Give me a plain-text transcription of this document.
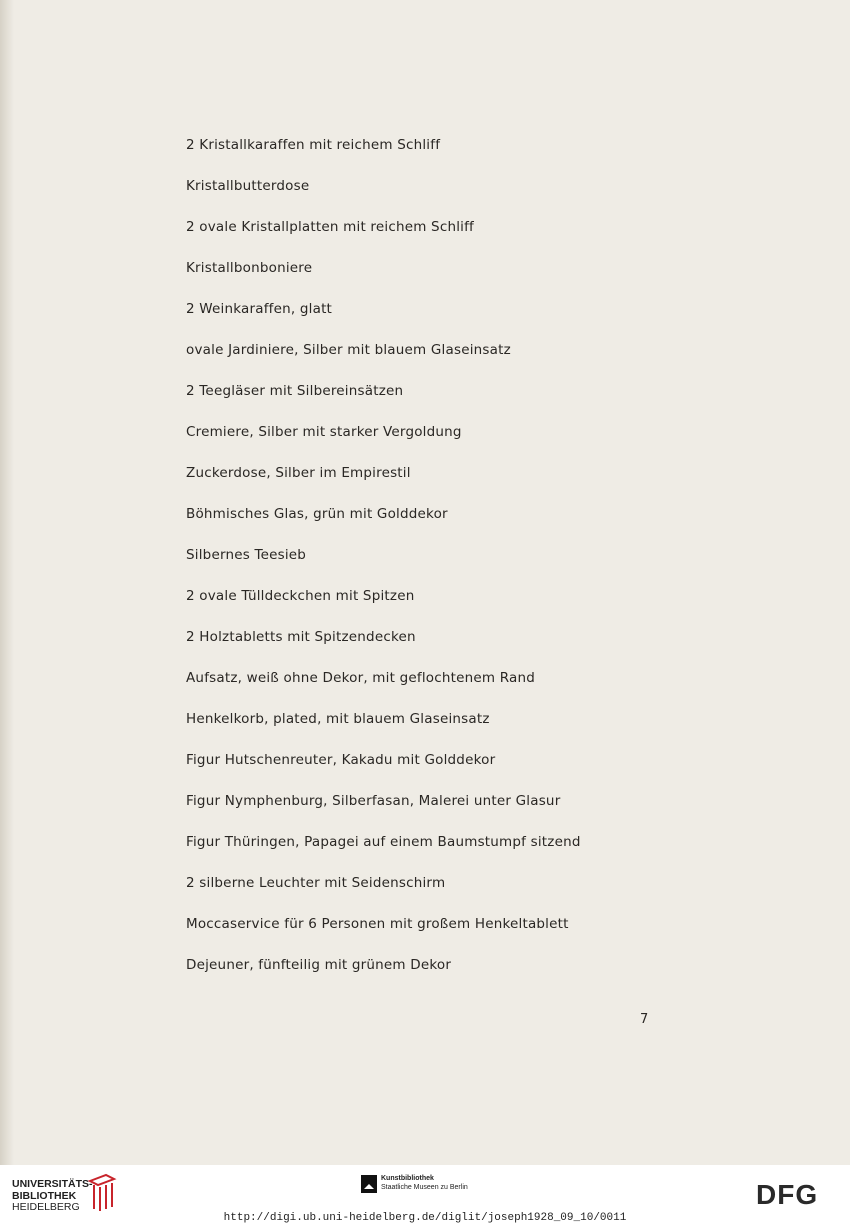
2 Kristallkaraffen mit reichem Schliff
Kristallbutterdose
2 ovale Kristallplatten mit reichem Schliff
Kristallbonboniere
2 Weinkaraffen, glatt
ovale Jardiniere, Silber mit blauem Glaseinsatz
2 Teegläser mit Silbereinsätzen
Cremiere, Silber mit starker Vergoldung
Zuckerdose, Silber im Empirestil
Böhmisches Glas, grün mit Golddekor
Silbernes Teesieb
2 ovale Tülldeckchen mit Spitzen
2 Holztabletts mit Spitzendecken
Aufsatz, weiß ohne Dekor, mit geflochtenem Rand
Henkelkorb, plated, mit blauem Glaseinsatz
Figur Hutschenreuter, Kakadu mit Golddekor
Figur Nymphenburg, Silberfasan, Malerei unter Glasur
Figur Thüringen, Papagei auf einem Baumstumpf sitzend
2 silberne Leuchter mit Seidenschirm
Moccaservice für 6 Personen mit großem Henkeltablett
Dejeuner, fünfteilig mit grünem Dekor
7
UNIVERSITÄTS-
BIBLIOTHEK
HEIDELBERG
Kunstbibliothek
Staatliche Museen zu Berlin	DFG
http://digi.ub.uni-heidelberg.de/diglit/joseph1928_09_10/0011
